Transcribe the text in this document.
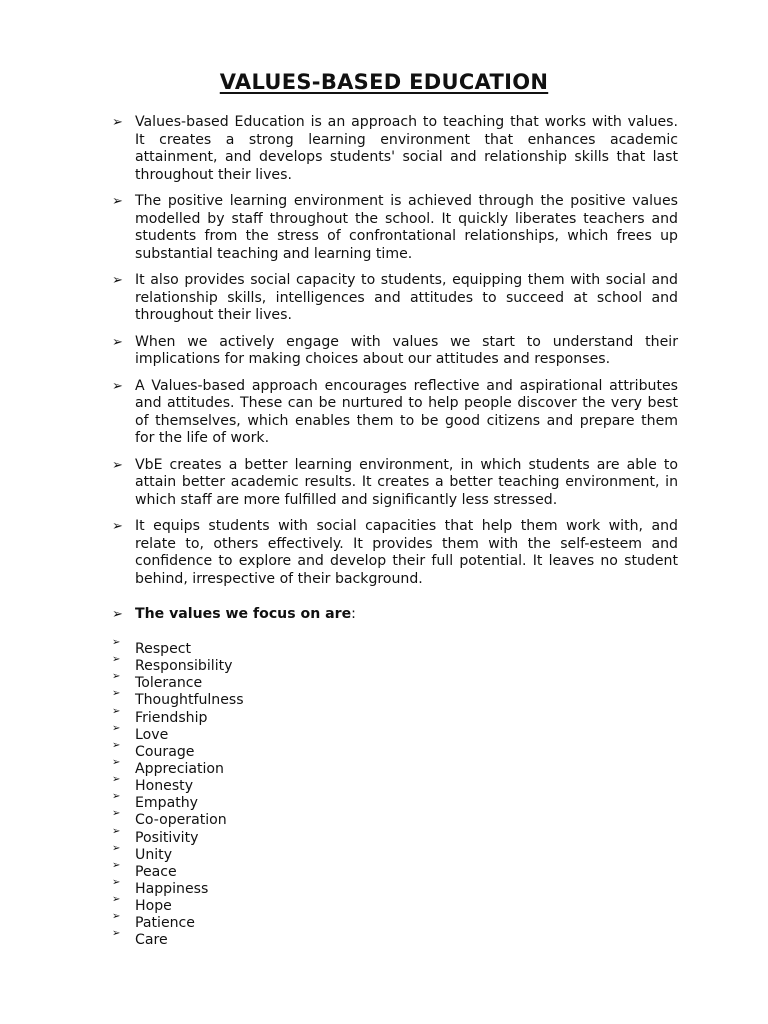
VALUES-BASED EDUCATION
➢ Values-based Education is an approach to teaching that works with values. It creates a strong learning environment that enhances academic attainment, and develops students' social and relationship skills that last throughout their lives.
➢ The positive learning environment is achieved through the positive values modelled by staff throughout the school. It quickly liberates teachers and students from the stress of confrontational relationships, which frees up substantial teaching and learning time.
➢ It also provides social capacity to students, equipping them with social and relationship skills, intelligences and attitudes to succeed at school and throughout their lives.
➢ When we actively engage with values we start to understand their implications for making choices about our attitudes and responses.
➢ A Values-based approach encourages reflective and aspirational attributes and attitudes. These can be nurtured to help people discover the very best of themselves, which enables them to be good citizens and prepare them for the life of work.
➢ VbE creates a better learning environment, in which students are able to attain better academic results. It creates a better teaching environment, in which staff are more fulfilled and significantly less stressed.
➢ It equips students with social capacities that help them work with, and relate to, others effectively. It provides them with the self-esteem and confidence to explore and develop their full potential. It leaves no student behind, irrespective of their background.
➢ The values we focus on are:
➢ Respect
➢ Responsibility
➢ Tolerance
➢ Thoughtfulness
➢ Friendship
➢ Love
➢ Courage
➢ Appreciation
➢ Honesty
➢ Empathy
➢ Co-operation
➢ Positivity
➢ Unity
➢ Peace
➢ Happiness
➢ Hope
➢ Patience
➢ Care
